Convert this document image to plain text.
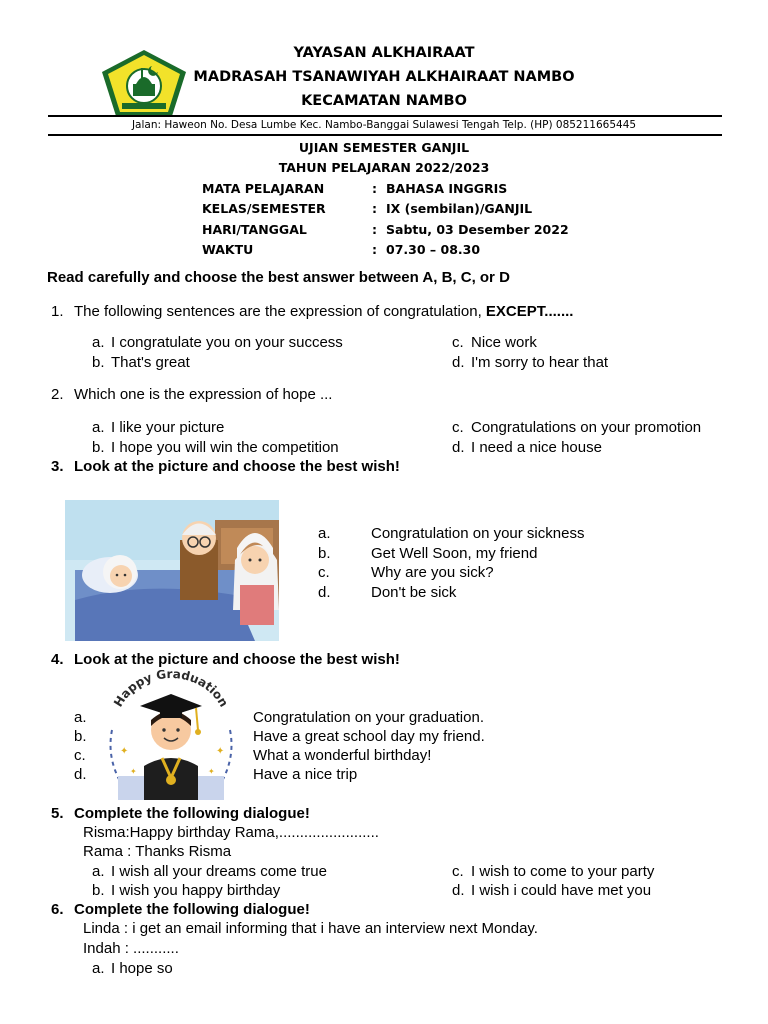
YAYASAN ALKHAIRAAT
MADRASAH TSANAWIYAH ALKHAIRAAT NAMBO
KECAMATAN NAMBO
Jalan: Haweon No. Desa Lumbe Kec. Nambo-Banggai Sulawesi Tengah Telp. (HP) 085211665445
UJIAN SEMESTER GANJIL
TAHUN PELAJARAN 2022/2023
MATA PELAJARAN	: BAHASA INGGRIS
KELAS/SEMESTER	: IX (sembilan)/GANJIL
HARI/TANGGAL	: Sabtu, 03 Desember 2022
WAKTU	: 07.30 – 08.30
Read carefully and choose the best answer between A, B, C, or D
1. The following sentences are the expression of congratulation, EXCEPT.......
a. I congratulate you on your success
b. That's great
c. Nice work
d. I'm sorry to hear that
2. Which one is the expression of hope ...
a. I like your picture
b. I hope you will win the competition
c. Congratulations on your promotion
d. I need a nice house
3. Look at the picture and choose the best wish!
a.	Congratulation on your sickness
b.	Get Well Soon, my friend
c.	Why are you sick?
d.	Don't be sick
4. Look at the picture and choose the best wish!
Happy Graduation
✦	✦
✦	✦
a.	Congratulation on your graduation.
b.	Have a great school day my friend.
c.	What a wonderful birthday!
d.	Have a nice trip
5. Complete the following dialogue!
Risma:Happy birthday Rama,........................
Rama : Thanks Risma
a. I wish all your dreams come true
b. I wish you happy birthday
c. I wish to come to your party
d. I wish i could have met you
6. Complete the following dialogue!
Linda : i get an email informing that i have an interview next Monday.
Indah : ...........
a. I hope so
